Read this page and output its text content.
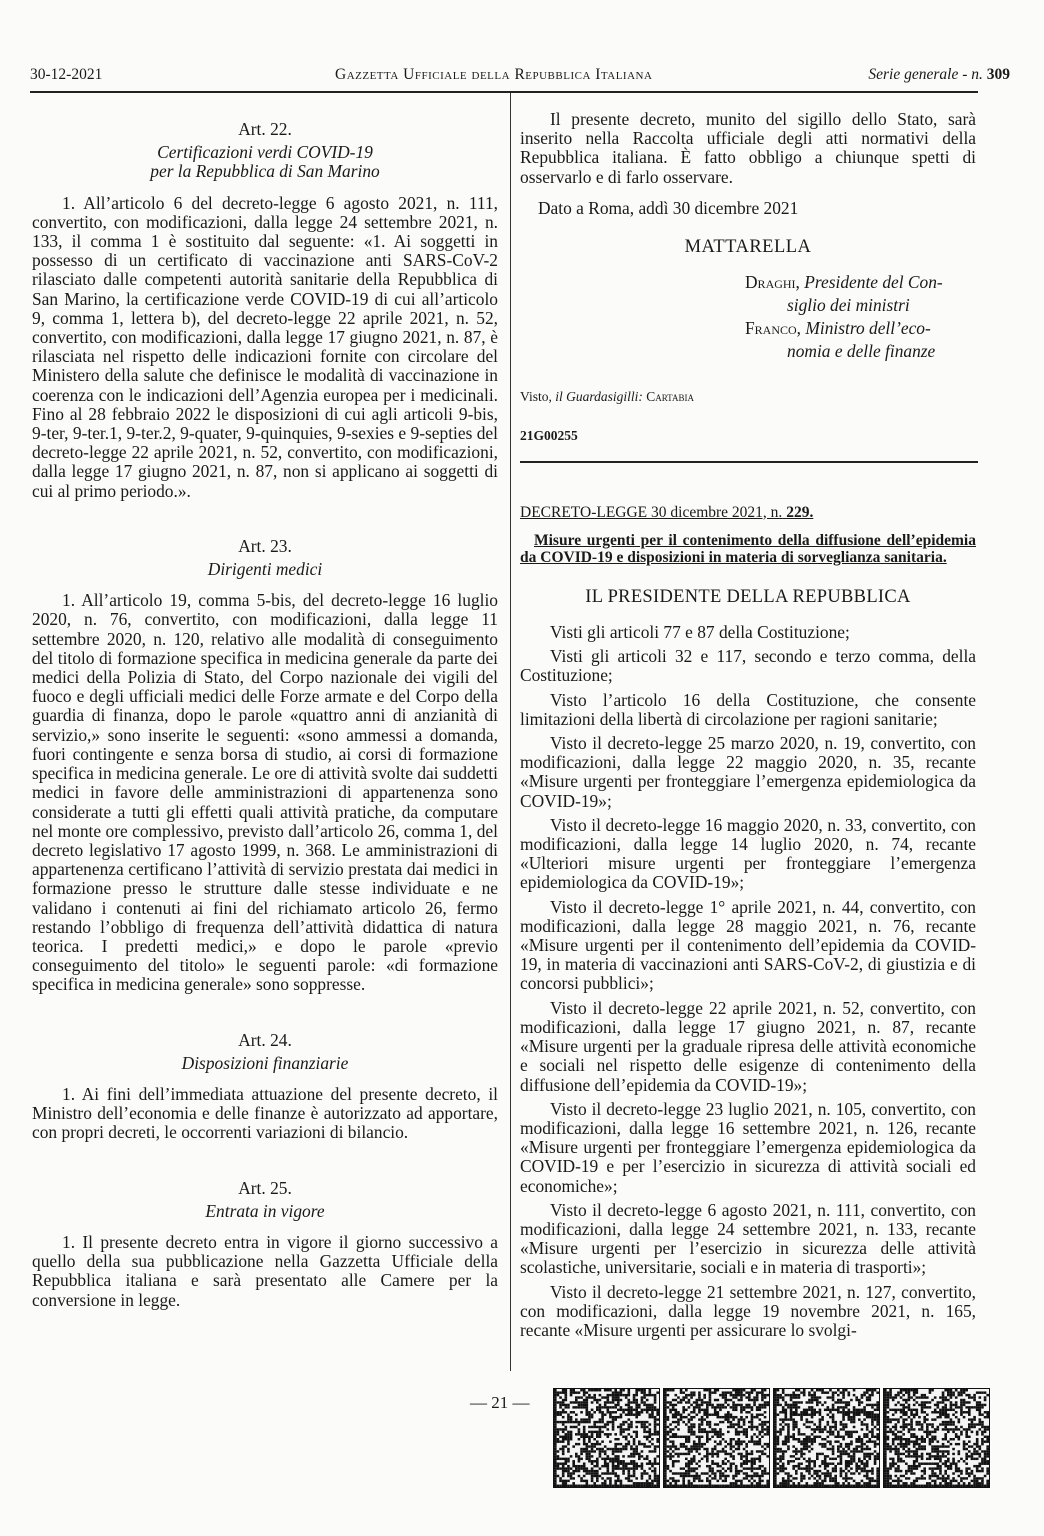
30-12-2021	Gazzetta Ufficiale della Repubblica Italiana	Serie generale - n. 309
Art. 22.
Certificazioni verdi COVID-19
per la Repubblica di San Marino

1. All’articolo 6 del decreto-legge 6 agosto 2021, n. 111, convertito, con modificazioni, dalla legge 24 settembre 2021, n. 133, il comma 1 è sostituito dal seguente: «1. Ai soggetti in possesso di un certificato di vaccinazione anti SARS-CoV-2 rilasciato dalle competenti autorità sanitarie della Repubblica di San Marino, la certificazione verde COVID-19 di cui all’articolo 9, comma 1, lettera b), del decreto-legge 22 aprile 2021, n. 52, convertito, con modificazioni, dalla legge 17 giugno 2021, n. 87, è rilasciata nel rispetto delle indicazioni fornite con circolare del Ministero della salute che definisce le modalità di vaccinazione in coerenza con le indicazioni dell’Agenzia europea per i medicinali. Fino al 28 febbraio 2022 le disposizioni di cui agli articoli 9-bis, 9-ter, 9-ter.1, 9-ter.2, 9-quater, 9-quinquies, 9-sexies e 9-septies del decreto-legge 22 aprile 2021, n. 52, convertito, con modificazioni, dalla legge 17 giugno 2021, n. 87, non si applicano ai soggetti di cui al primo periodo.».

Art. 23.
Dirigenti medici

1. All’articolo 19, comma 5-bis, del decreto-legge 16 luglio 2020, n. 76, convertito, con modificazioni, dalla legge 11 settembre 2020, n. 120, relativo alle modalità di conseguimento del titolo di formazione specifica in medicina generale da parte dei medici della Polizia di Stato, del Corpo nazionale dei vigili del fuoco e degli ufficiali medici delle Forze armate e del Corpo della guardia di finanza, dopo le parole «quattro anni di anzianità di servizio,» sono inserite le seguenti: «sono ammessi a domanda, fuori contingente e senza borsa di studio, ai corsi di formazione specifica in medicina generale. Le ore di attività svolte dai suddetti medici in favore delle amministrazioni di appartenenza sono considerate a tutti gli effetti quali attività pratiche, da computare nel monte ore complessivo, previsto dall’articolo 26, comma 1, del decreto legislativo 17 agosto 1999, n. 368. Le amministrazioni di appartenenza certificano l’attività di servizio prestata dai medici in formazione presso le strutture dalle stesse individuate e ne validano i contenuti ai fini del richiamato articolo 26, fermo restando l’obbligo di frequenza dell’attività didattica di natura teorica. I predetti medici,» e dopo le parole «previo conseguimento del titolo» le seguenti parole: «di formazione specifica in medicina generale» sono soppresse.

Art. 24.
Disposizioni finanziarie

1. Ai fini dell’immediata attuazione del presente decreto, il Ministro dell’economia e delle finanze è autorizzato ad apportare, con propri decreti, le occorrenti variazioni di bilancio.

Art. 25.
Entrata in vigore

1. Il presente decreto entra in vigore il giorno successivo a quello della sua pubblicazione nella Gazzetta Ufficiale della Repubblica italiana e sarà presentato alle Camere per la conversione in legge.

Il presente decreto, munito del sigillo dello Stato, sarà inserito nella Raccolta ufficiale degli atti normativi della Repubblica italiana. È fatto obbligo a chiunque spetti di osservarlo e di farlo osservare.

Dato a Roma, addì 30 dicembre 2021

MATTARELLA
Draghi, Presidente del Con-
siglio dei ministri
Franco, Ministro dell’eco-
nomia e delle finanze
Visto, il Guardasigilli: Cartabia
21G00255
DECRETO-LEGGE 30 dicembre 2021, n. 229.
Misure urgenti per il contenimento della diffusione dell’epidemia da COVID-19 e disposizioni in materia di sorveglianza sanitaria.
IL PRESIDENTE DELLA REPUBBLICA

Visti gli articoli 77 e 87 della Costituzione;

Visti gli articoli 32 e 117, secondo e terzo comma, della Costituzione;

Visto l’articolo 16 della Costituzione, che consente limitazioni della libertà di circolazione per ragioni sanitarie;

Visto il decreto-legge 25 marzo 2020, n. 19, convertito, con modificazioni, dalla legge 22 maggio 2020, n. 35, recante «Misure urgenti per fronteggiare l’emergenza epidemiologica da COVID-19»;

Visto il decreto-legge 16 maggio 2020, n. 33, convertito, con modificazioni, dalla legge 14 luglio 2020, n. 74, recante «Ulteriori misure urgenti per fronteggiare l’emergenza epidemiologica da COVID-19»;

Visto il decreto-legge 1° aprile 2021, n. 44, convertito, con modificazioni, dalla legge 28 maggio 2021, n. 76, recante «Misure urgenti per il contenimento dell’epidemia da COVID-19, in materia di vaccinazioni anti SARS-CoV-2, di giustizia e di concorsi pubblici»;

Visto il decreto-legge 22 aprile 2021, n. 52, convertito, con modificazioni, dalla legge 17 giugno 2021, n. 87, recante «Misure urgenti per la graduale ripresa delle attività economiche e sociali nel rispetto delle esigenze di contenimento della diffusione dell’epidemia da COVID-19»;

Visto il decreto-legge 23 luglio 2021, n. 105, convertito, con modificazioni, dalla legge 16 settembre 2021, n. 126, recante «Misure urgenti per fronteggiare l’emergenza epidemiologica da COVID-19 e per l’esercizio in sicurezza di attività sociali ed economiche»;

Visto il decreto-legge 6 agosto 2021, n. 111, convertito, con modificazioni, dalla legge 24 settembre 2021, n. 133, recante «Misure urgenti per l’esercizio in sicurezza delle attività scolastiche, universitarie, sociali e in materia di trasporti»;

Visto il decreto-legge 21 settembre 2021, n. 127, convertito, con modificazioni, dalla legge 19 novembre 2021, n. 165, recante «Misure urgenti per assicurare lo svolgi-

— 21 —
